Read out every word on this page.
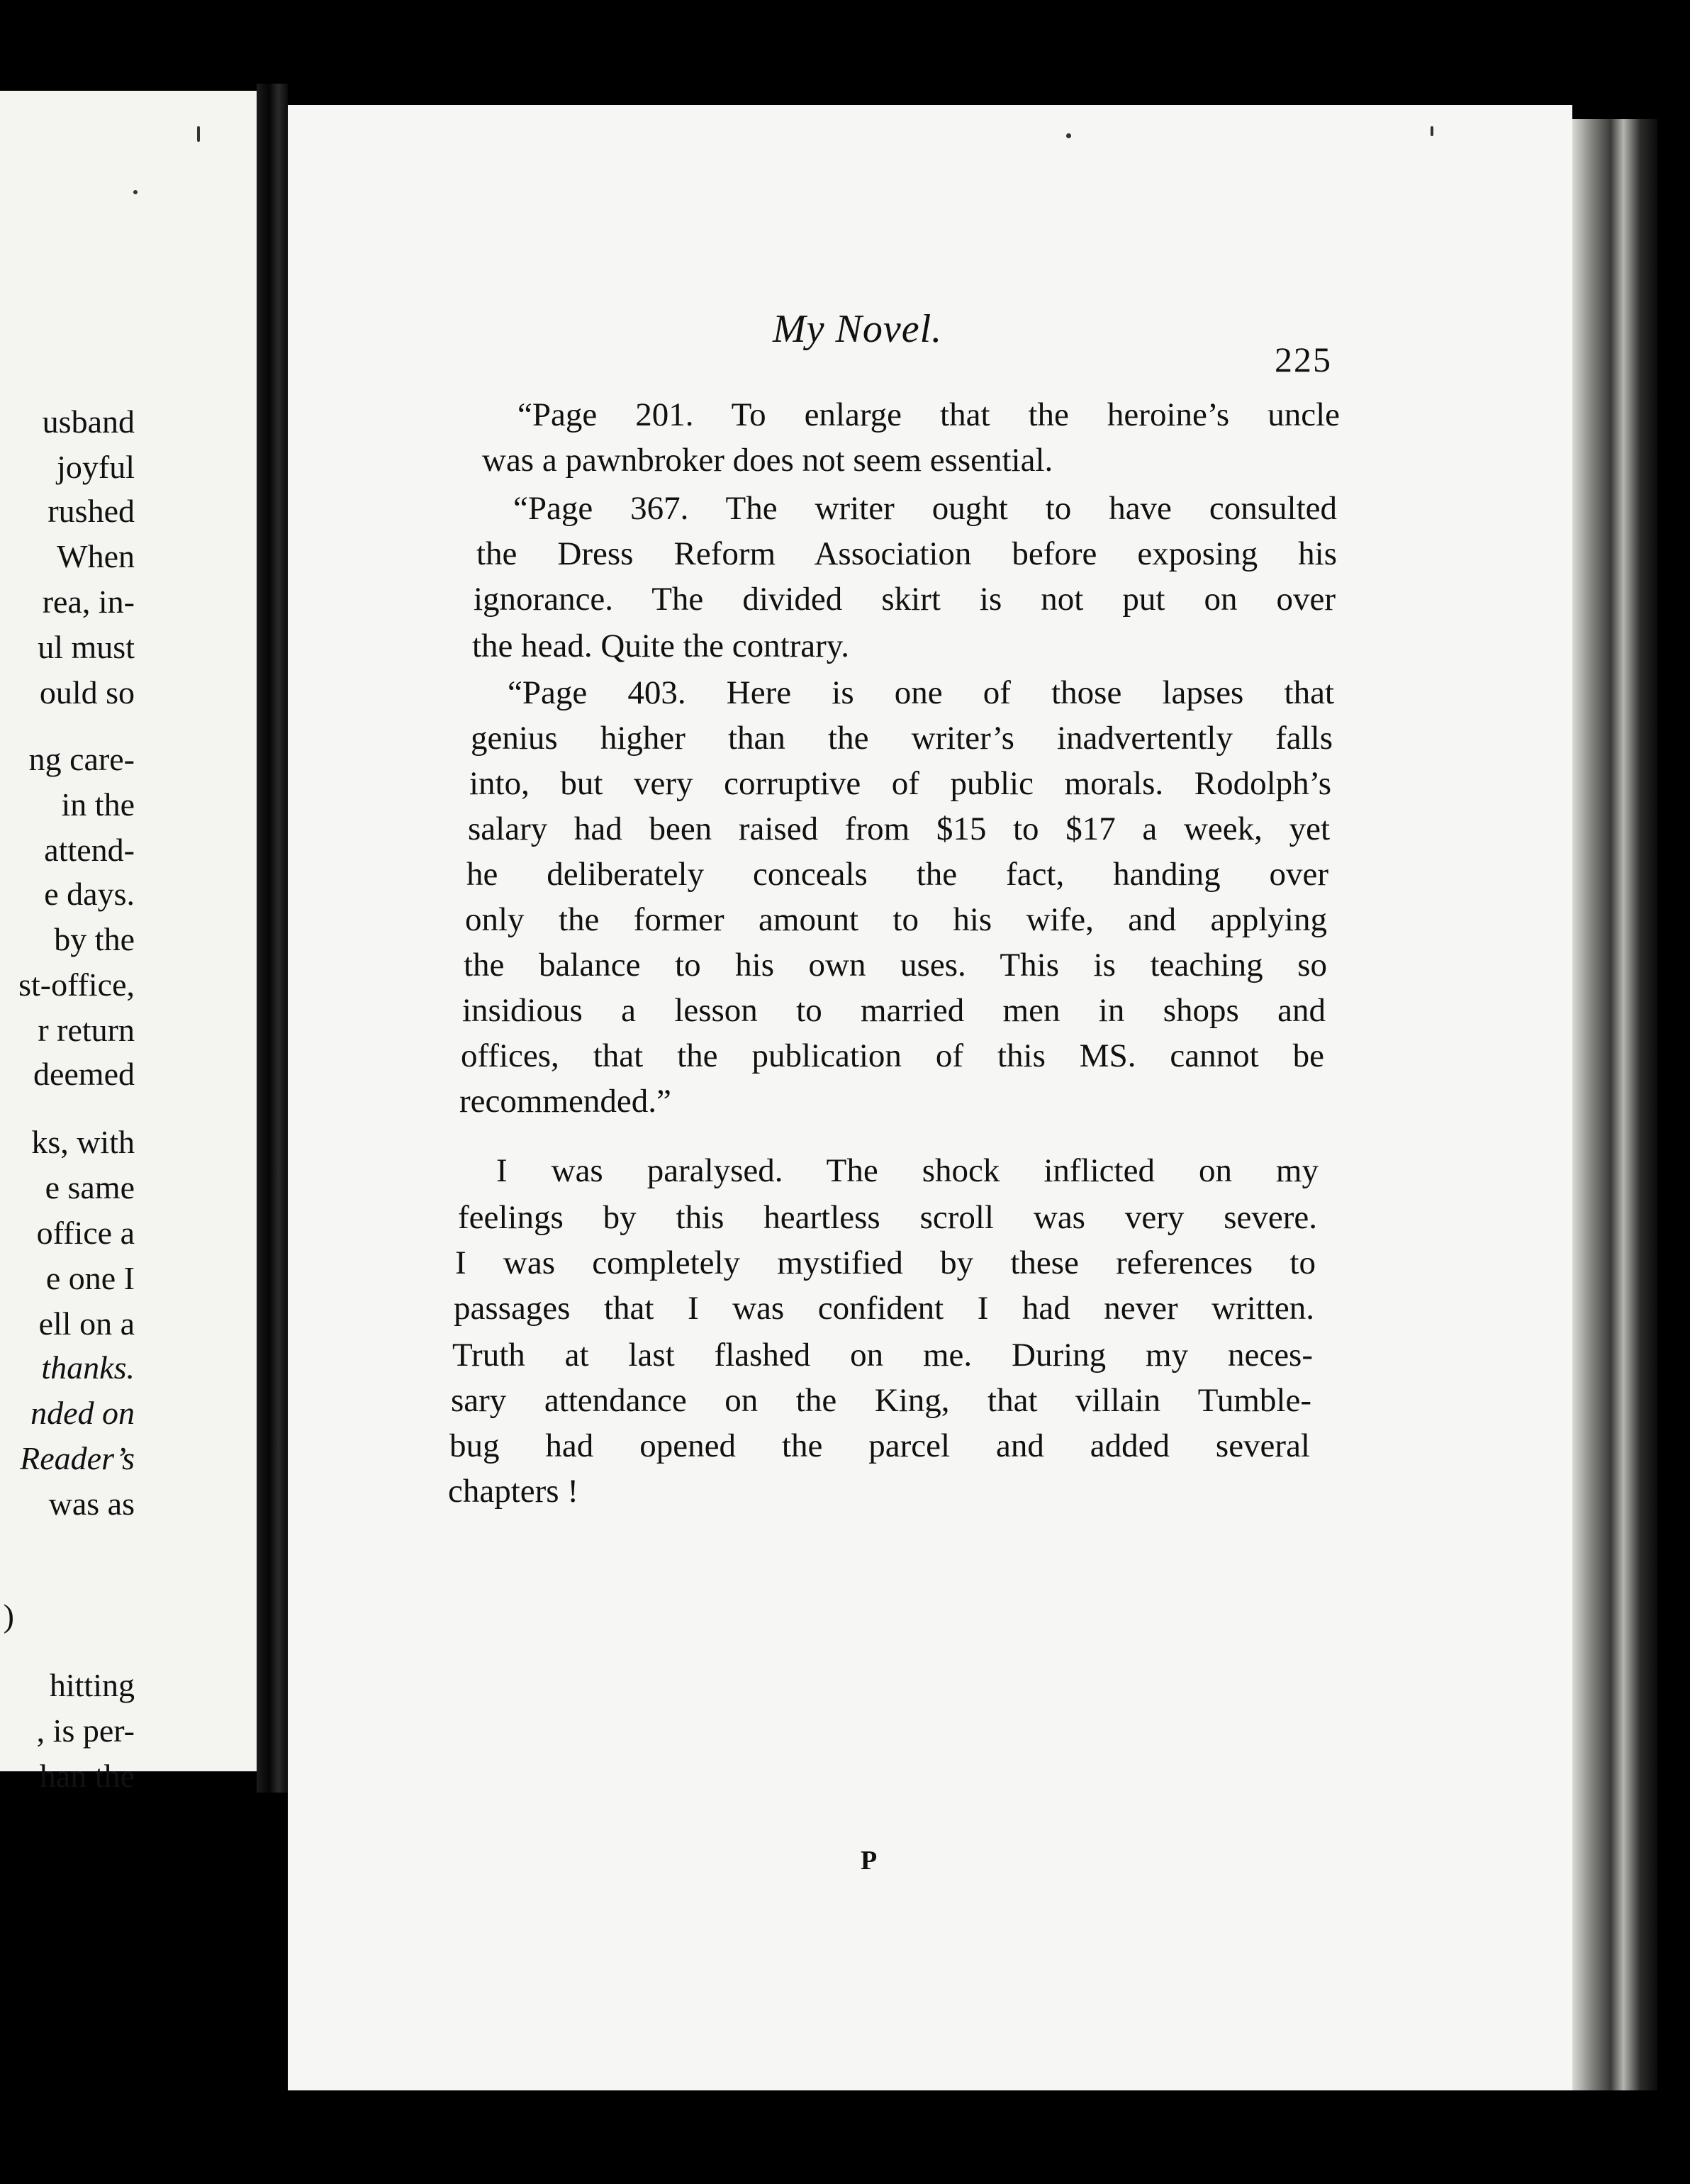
usband
joyful
rushed
When
rea, in-
ul must
ould so
ng care-
in the
attend-
e days.
by the
st-office,
r return
deemed
ks, with
e same
office a
e one I
ell on a
thanks.
nded on
Reader’s
was as
)
hitting
, is per-
han the
My Novel.
225
“Page 201. To enlarge that the heroine’s uncle
was a pawnbroker does not seem essential.
“Page 367. The writer ought to have consulted
the Dress Reform Association before exposing his
ignorance. The divided skirt is not put on over
the head. Quite the contrary.
“Page 403. Here is one of those lapses that
genius higher than the writer’s inadvertently falls
into, but very corruptive of public morals. Rodolph’s
salary had been raised from $15 to $17 a week, yet
he deliberately conceals the fact, handing over
only the former amount to his wife, and applying
the balance to his own uses. This is teaching so
insidious a lesson to married men in shops and
offices, that the publication of this MS. cannot be
recommended.”
I was paralysed. The shock inflicted on my
feelings by this heartless scroll was very severe.
I was completely mystified by these references to
passages that I was confident I had never written.
Truth at last flashed on me. During my neces-
sary attendance on the King, that villain Tumble-
bug had opened the parcel and added several
chapters !
P
